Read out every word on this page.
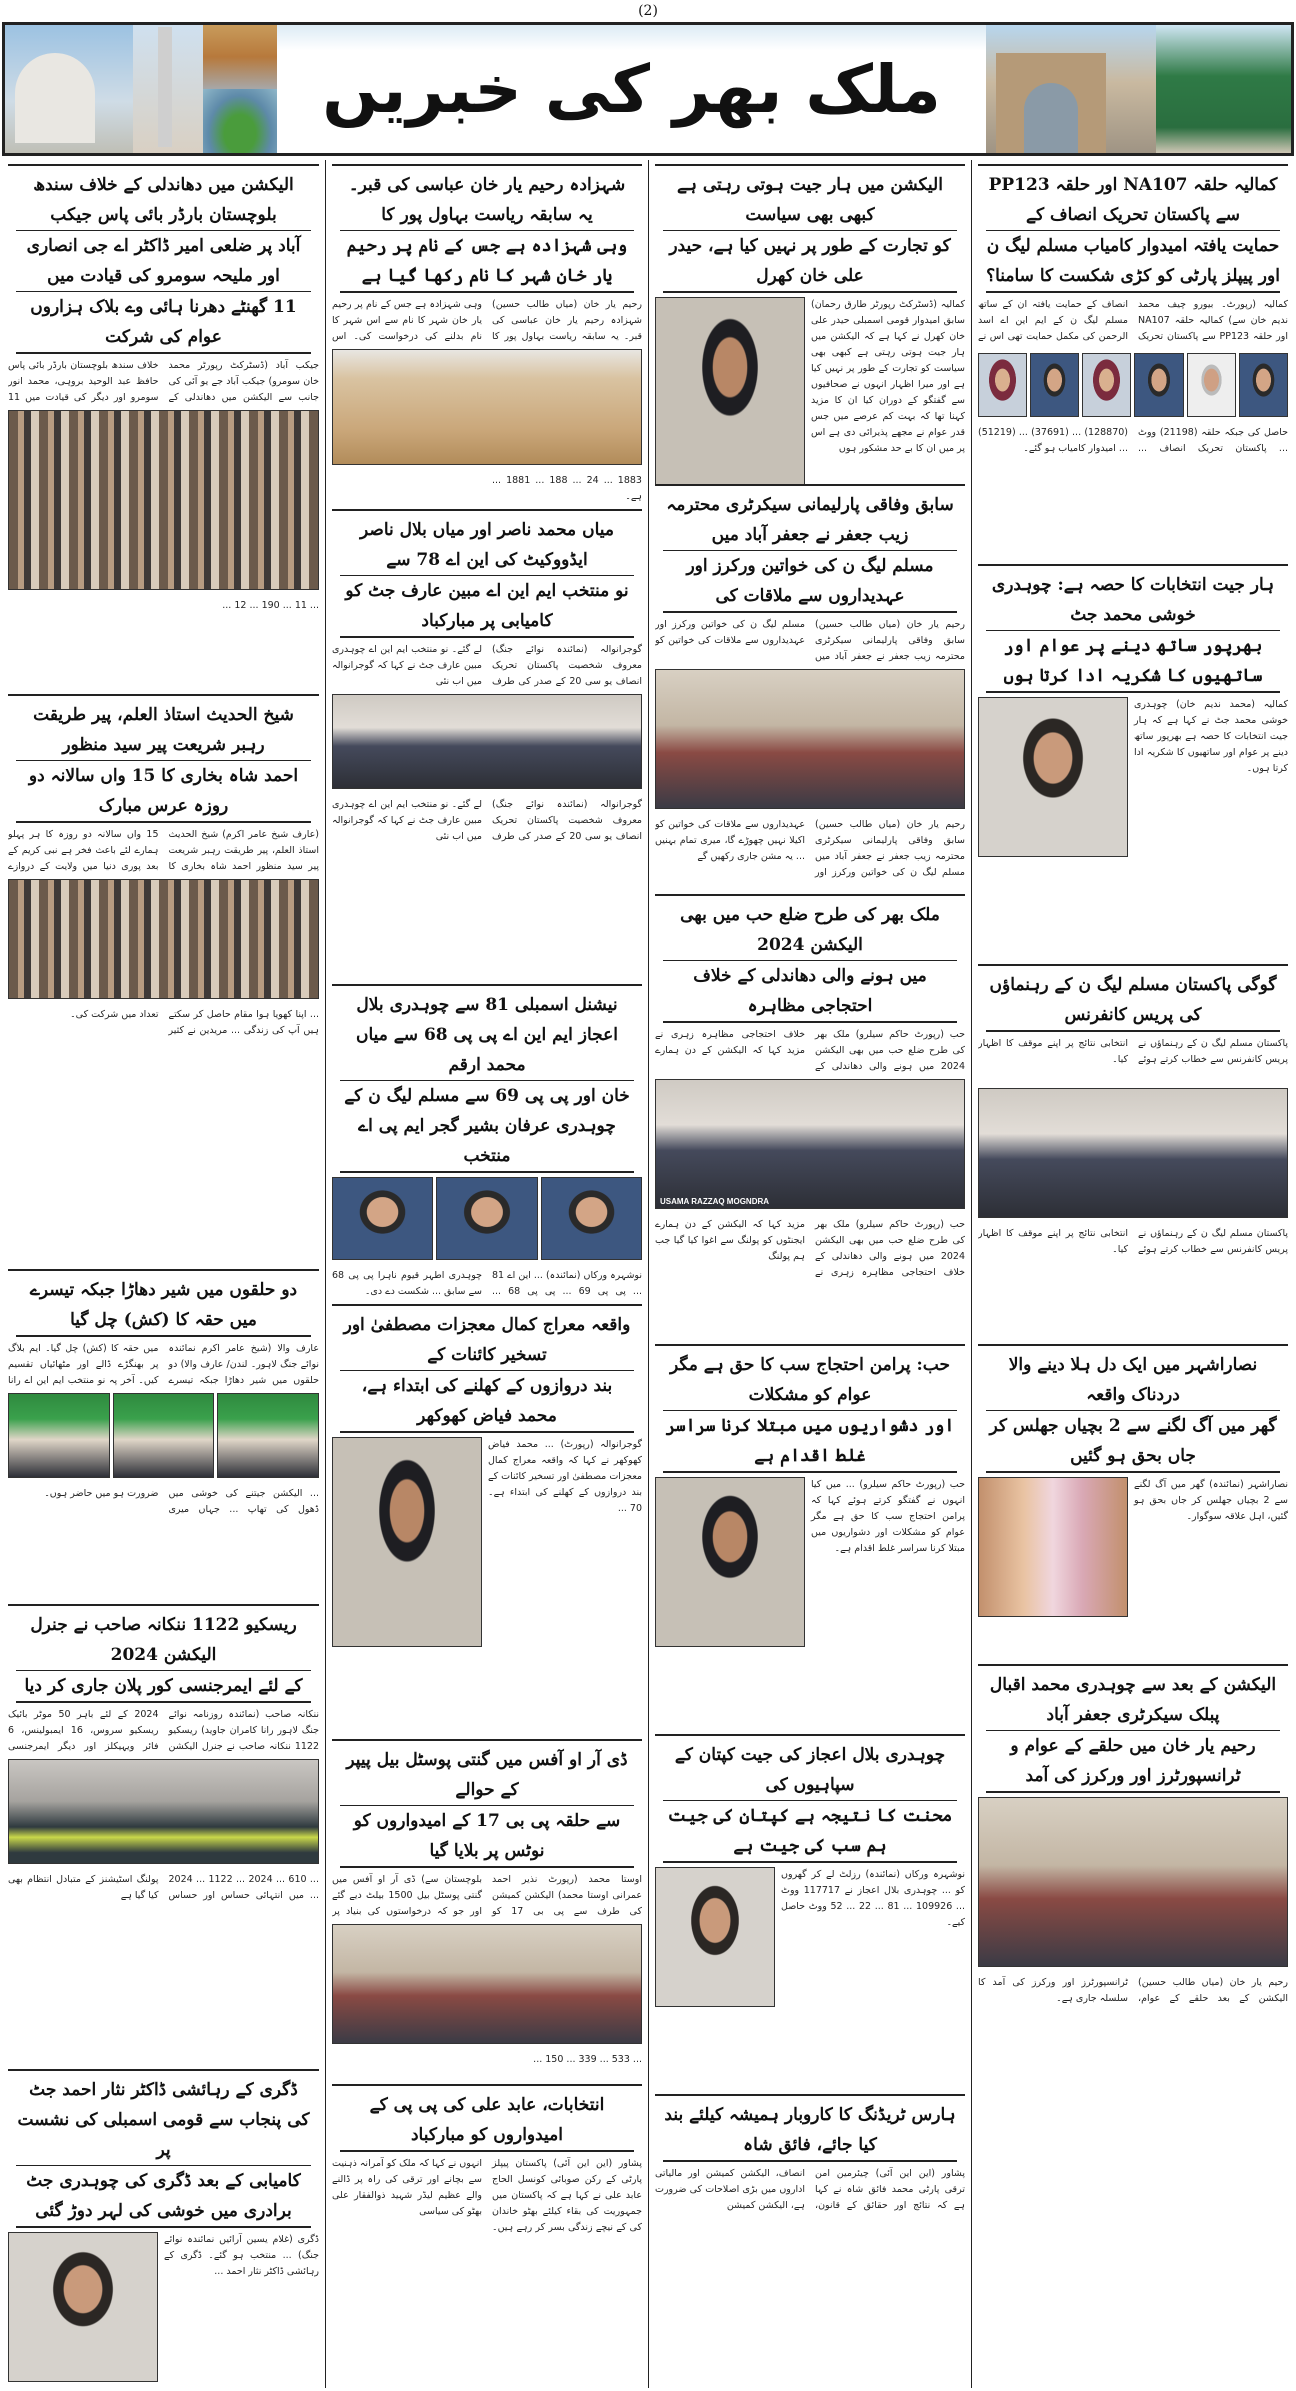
(2)
ملک بھر کی خبریں
کمالیہ حلقہ NA107 اور حلقہ PP123 سے پاکستان تحریک انصاف کے
حمایت یافتہ امیدوار کامیاب مسلم لیگ ن اور پیپلز پارٹی کو کڑی شکست کا سامنا؟
کمالیہ (رپورٹ۔ بیورو چیف محمد ندیم خان سے) کمالیہ حلقہ NA107 اور حلقہ PP123 سے پاکستان تحریک انصاف کے حمایت یافتہ ان کے ساتھ مسلم لیگ ن کے ایم این اے اسد الرحمن کی مکمل حمایت تھی اس نے
حاصل کی جبکہ حلقہ (21198) ووٹ ... پاکستان تحریک انصاف ... (128870) ... (37691) ... (51219) ... امیدوار کامیاب ہو گئے۔
ہار جیت انتخابات کا حصہ ہے: چوہدری خوشی محمد جٹ
بھرپور ساتھ دینے پر عوام اور ساتھیوں کا شکریہ ادا کرتا ہوں
کمالیہ (محمد ندیم خان) چوہدری خوشی محمد جٹ نے کہا ہے کہ ہار جیت انتخابات کا حصہ ہے بھرپور ساتھ دینے پر عوام اور ساتھیوں کا شکریہ ادا کرتا ہوں۔
گوگی پاکستان مسلم لیگ ن کے رہنماؤں کی پریس کانفرنس
پاکستان مسلم لیگ ن کے رہنماؤں نے پریس کانفرنس سے خطاب کرتے ہوئے انتخابی نتائج پر اپنے موقف کا اظہار کیا۔
پاکستان مسلم لیگ ن کے رہنماؤں نے پریس کانفرنس سے خطاب کرتے ہوئے انتخابی نتائج پر اپنے موقف کا اظہار کیا۔
نصاراشہر میں ایک دل ہلا دینے والا دردناک واقعہ
گھر میں آگ لگنے سے 2 بچیاں جھلس کر جاں بحق ہو گئیں
نصاراشہر (نمائندہ) گھر میں آگ لگنے سے 2 بچیاں جھلس کر جاں بحق ہو گئیں، اہل علاقہ سوگوار۔
الیکشن کے بعد سے چوہدری محمد اقبال پبلک سیکرٹری جعفر آباد
رحیم یار خان میں حلقے کے عوام و ٹرانسپورٹرز اور ورکرز کی آمد
رحیم یار خان (میاں طالب حسین) الیکشن کے بعد حلقے کے عوام، ٹرانسپورٹرز اور ورکرز کی آمد کا سلسلہ جاری ہے۔
الیکشن میں ہار جیت ہوتی رہتی ہے کبھی بھی سیاست
کو تجارت کے طور پر نہیں کیا ہے، حیدر علی خان کھرل
کمالیہ (ڈسٹرکٹ رپورٹر طارق رحمان) سابق امیدوار قومی اسمبلی حیدر علی خان کھرل نے کہا ہے کہ الیکشن میں ہار جیت ہوتی رہتی ہے کبھی بھی سیاست کو تجارت کے طور پر نہیں کیا ہے اور میرا اظہار انہوں نے صحافیوں سے گفتگو کے دوران کیا ان کا مزید کہنا تھا کہ بہت کم عرصے میں جس قدر عوام نے مجھے پذیرائی دی ہے اس پر میں ان کا بے حد مشکور ہوں
سابق وفاقی پارلیمانی سیکرٹری محترمہ زیب جعفر نے جعفر آباد میں
مسلم لیگ ن کی خواتین ورکرز اور عہدیداروں سے ملاقات کی
رحیم یار خان (میاں طالب حسین) سابق وفاقی پارلیمانی سیکرٹری محترمہ زیب جعفر نے جعفر آباد میں مسلم لیگ ن کی خواتین ورکرز اور عہدیداروں سے ملاقات کی خواتین کو
رحیم یار خان (میاں طالب حسین) سابق وفاقی پارلیمانی سیکرٹری محترمہ زیب جعفر نے جعفر آباد میں مسلم لیگ ن کی خواتین ورکرز اور عہدیداروں سے ملاقات کی خواتین کو اکیلا نہیں چھوڑے گا، میری تمام بہنیں ... یہ مشن جاری رکھیں گے
ملک بھر کی طرح ضلع حب میں بھی الیکشن 2024
میں ہونے والی دھاندلی کے خلاف احتجاجی مظاہرہ
حب (رپورٹ حاکم سیلرو) ملک بھر کی طرح ضلع حب میں بھی الیکشن 2024 میں ہونے والی دھاندلی کے خلاف احتجاجی مظاہرہ زہری نے مزید کہا کہ الیکشن کے دن ہمارے
USAMA RAZZAQ MOGNDRA
حب (رپورٹ حاکم سیلرو) ملک بھر کی طرح ضلع حب میں بھی الیکشن 2024 میں ہونے والی دھاندلی کے خلاف احتجاجی مظاہرہ زہری نے مزید کہا کہ الیکشن کے دن ہمارے ایجنٹوں کو پولنگ سے اغوا کیا گیا جب ہم پولنگ
حب: پرامن احتجاج سب کا حق ہے مگر عوام کو مشکلات
اور دشواریوں میں مبتلا کرنا سراسر غلط اقدام ہے
حب (رپورٹ حاکم سیلرو) ... میں کیا انہوں نے گفتگو کرتے ہوئے کہا کہ پرامن احتجاج سب کا حق ہے مگر عوام کو مشکلات اور دشواریوں میں مبتلا کرنا سراسر غلط اقدام ہے۔
چوہدری بلال اعجاز کی جیت کپتان کے سپاہیوں کی
محنت کا نتیجہ ہے کپتان کی جیت ہم سب کی جیت ہے
نوشہرہ ورکاں (نمائندہ) رزلٹ لے کر گھروں کو ... چوہدری بلال اعجاز نے 117717 ووٹ ... 109926 ... 81 ... 22 ... 52 ووٹ حاصل کیے۔
ہارس ٹریڈنگ کا کاروبار ہمیشہ کیلئے بند کیا جائے، فائق شاہ
پشاور (این این آئی) چیئرمین امن ترقی پارٹی محمد فائق شاہ نے کہا ہے کہ نتائج اور حقائق کے قانون، انصاف، الیکشن کمیشن اور مالیاتی اداروں میں بڑی اصلاحات کی ضرورت ہے، الیکشن کمیشن
شہزادہ رحیم یار خان عباسی کی قبر۔ یہ سابقہ ریاست بہاول پور کا
وہی شہزادہ ہے جس کے نام پر رحیم یار خان شہر کا نام رکھا گیا ہے
رحیم یار خان (میاں طالب حسین) شہزادہ رحیم یار خان عباسی کی قبر۔ یہ سابقہ ریاست بہاول پور کا وہی شہزادہ ہے جس کے نام پر رحیم یار خان شہر کا نام سے اس شہر کا نام بدلنے کی درخواست کی۔ اس
1883 ... 24 ... 188 ... 1881 ... ہے۔
میاں محمد ناصر اور میاں بلال ناصر ایڈووکیٹ کی این اے 78 سے
نو منتخب ایم این اے مبین عارف جٹ کو کامیابی پر مبارکباد
گوجرانوالہ (نمائندہ نوائے جنگ) معروف شخصیت پاکستان تحریک انصاف یو سی 20 کے صدر کی طرف لے گئے۔ نو منتخب ایم این اے چوہدری مبین عارف جٹ نے کہا کہ گوجرانوالہ میں اب نئی
گوجرانوالہ (نمائندہ نوائے جنگ) معروف شخصیت پاکستان تحریک انصاف یو سی 20 کے صدر کی طرف لے گئے۔ نو منتخب ایم این اے چوہدری مبین عارف جٹ نے کہا کہ گوجرانوالہ میں اب نئی
نیشنل اسمبلی 81 سے چوہدری بلال اعجاز ایم این اے پی پی 68 سے میاں محمد ارقم
خان اور پی پی 69 سے مسلم لیگ ن کے چوہدری عرفان بشیر گجر ایم پی اے منتخب
نوشہرہ ورکاں (نمائندہ) ... این اے 81 ... پی پی 69 ... پی پی 68 ... چوہدری اطہر قیوم ناہرا پی پی 68 سے سابق ... شکست دے دی۔
واقعہ معراج کمال معجزات مصطفیٰ اور تسخیر کائنات کے
بند دروازوں کے کھلنے کی ابتداء ہے، محمد فیاض کھوکھر
گوجرانوالہ (رپورٹ) ... محمد فیاض کھوکھر نے کہا کہ واقعہ معراج کمال معجزات مصطفیٰ اور تسخیر کائنات کے بند دروازوں کے کھلنے کی ابتداء ہے۔ 70 ...
ڈی آر او آفس میں گنتی پوسٹل بیل پیپر کے حوالے
سے حلقہ پی بی 17 کے امیدواروں کو نوٹس پر بلایا گیا
اوستا محمد (رپورٹ نذیر احمد عمرانی اوستا محمد) الیکشن کمیشن کی طرف سے پی بی 17 کو بلوچستان سے) ڈی آر او آفس میں گنتی پوسٹل بیل 1500 بیلٹ دیے گئے اور جو کہ درخواستوں کی بنیاد پر
... 533 ... 339 ... 150 ...
انتخابات، عابد علی کی پی پی کے امیدواروں کو مبارکباد
پشاور (این این آئی) پاکستان پیپلز پارٹی کے رکن صوبائی کونسل الحاج عابد علی نے کہا ہے کہ پاکستان میں جمہوریت کی بقاء کیلئے بھٹو خاندان کی کے نیچے زندگی بسر کر رہے ہیں۔ انہوں نے کہا کہ ملک کو آمرانہ ذہنیت سے بچانے اور ترقی کی راہ پر ڈالنے والے عظیم لیڈر شہید ذوالفقار علی بھٹو کی سیاسی
الیکشن میں دھاندلی کے خلاف سندھ بلوچستان بارڈر بائی پاس جیکب
آباد پر ضلعی امیر ڈاکٹر اے جی انصاری اور ملیحہ سومرو کی قیادت میں
11 گھنٹے دھرنا ہائی وے بلاک ہزاروں عوام کی شرکت
جیکب آباد (ڈسٹرکٹ رپورٹر محمد خان سومرو) جیکب آباد جے یو آئی کی جانب سے الیکشن میں دھاندلی کے خلاف سندھ بلوچستان بارڈر بائی پاس حافظ عبد الوحید بروہی، محمد انور سومرو اور دیگر کی قیادت میں 11
... 11 ... 190 ... 12 ...
شیخ الحدیث استاذ العلم، پیر طریقت رہبر شریعت پیر سید منظور
احمد شاہ بخاری کا 15 واں سالانہ دو روزہ عرس مبارک
(عارف شیخ عامر اکرم) شیخ الحدیث استاذ العلم، پیر طریقت رہبر شریعت پیر سید منظور احمد شاہ بخاری کا 15 واں سالانہ دو روزہ کا ہر پہلو ہمارے لئے باعث فخر ہے نبی کریم کے بعد پوری دنیا میں ولایت کے دروازے
... اپنا کھویا ہوا مقام حاصل کر سکتے ہیں آپ کی زندگی ... مریدین نے کثیر تعداد میں شرکت کی۔
دو حلقوں میں شیر دھاڑا جبکہ تیسرے میں حقہ کا (کش) چل گیا
عارف والا (شیخ عامر اکرم نمائندہ نوائے جنگ لاہور۔ لندن/ عارف والا) دو حلقوں میں شیر دھاڑا جبکہ تیسرے میں حقہ کا (کش) چل گیا۔ ایم بلاگ پر بھنگڑے ڈالے اور مٹھائیاں تقسیم کیں۔ آخر پہ نو منتخب ایم این اے رانا
... الیکشن جیتنے کی خوشی میں ڈھول کی تھاپ ... جہاں میری ضرورت ہو میں حاضر ہوں۔
ریسکیو 1122 ننکانہ صاحب نے جنرل الیکشن 2024
کے لئے ایمرجنسی کور پلان جاری کر دیا
ننکانہ صاحب (نمائندہ روزنامہ نوائے جنگ لاہور رانا کامران جاوید) ریسکیو 1122 ننکانہ صاحب نے جنرل الیکشن 2024 کے لئے باہر 50 موٹر بائیک ریسکیو سروس، 16 ایمبولینس، 6 فائر ویہیکلز اور دیگر ایمرجنسی
... 610 ... 2024 ... 1122 ... 2024 ... میں انتہائی حساس اور حساس پولنگ اسٹیشنز کے متبادل انتظام بھی کیا گیا ہے
ڈگری کے رہائشی ڈاکٹر نثار احمد جٹ کی پنجاب سے قومی اسمبلی کی نشست پر
کامیابی کے بعد ڈگری کی چوہدری جٹ برادری میں خوشی کی لہر دوڑ گئی
ڈگری (غلام یسین آرائیں نمائندہ نوائے جنگ) ... منتخب ہو گئے۔ ڈگری کے رہائشی ڈاکٹر نثار احمد ...
